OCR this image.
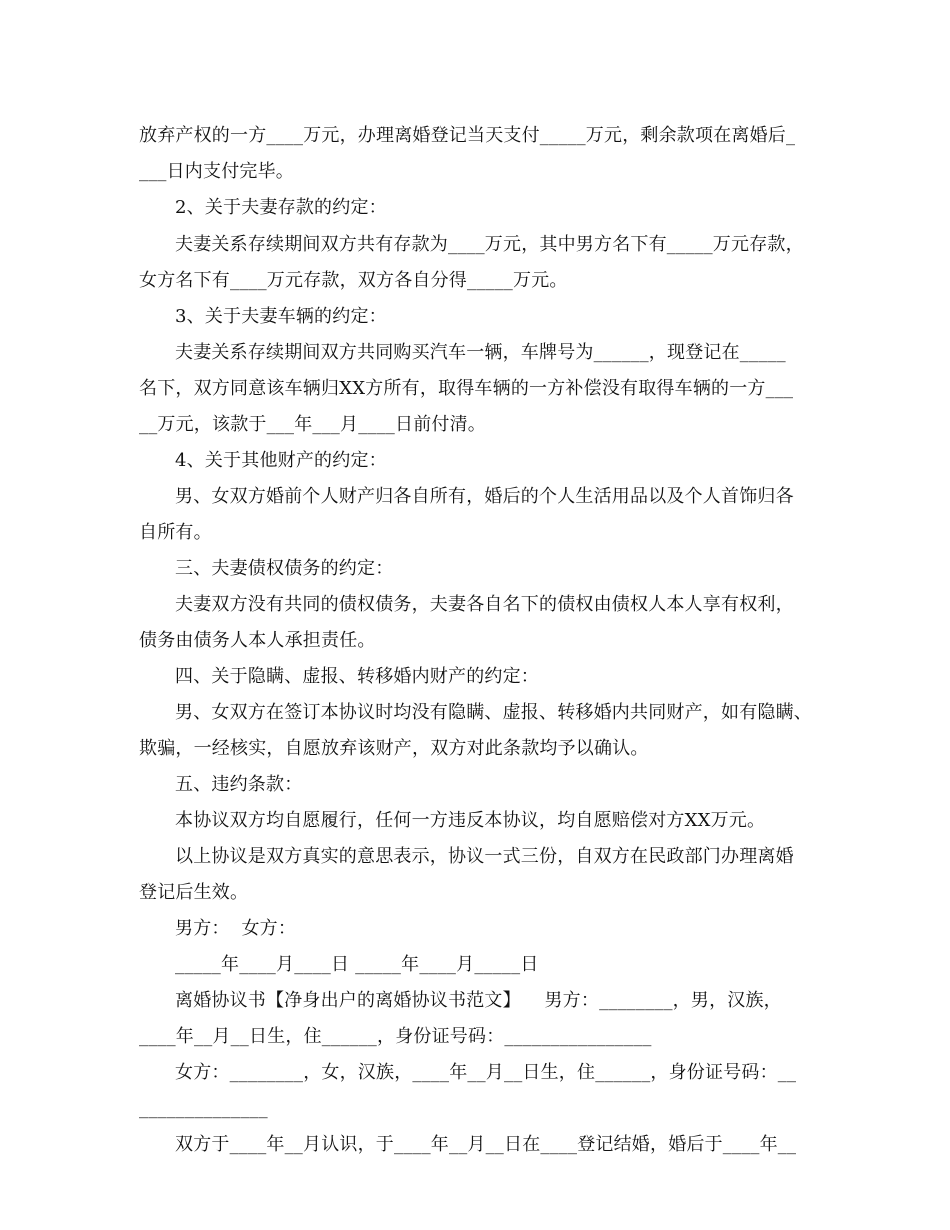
放弃产权的一方____万元，办理离婚登记当天支付_____万元，剩余款项在离婚后_
___日内支付完毕。
2、关于夫妻存款的约定：
夫妻关系存续期间双方共有存款为____万元，其中男方名下有_____万元存款，
女方名下有____万元存款，双方各自分得_____万元。
3、关于夫妻车辆的约定：
夫妻关系存续期间双方共同购买汽车一辆，车牌号为______，现登记在_____
名下，双方同意该车辆归XX方所有，取得车辆的一方补偿没有取得车辆的一方___
__万元，该款于___年___月____日前付清。
4、关于其他财产的约定：
男、女双方婚前个人财产归各自所有，婚后的个人生活用品以及个人首饰归各
自所有。
三、夫妻债权债务的约定：
夫妻双方没有共同的债权债务，夫妻各自名下的债权由债权人本人享有权利，
债务由债务人本人承担责任。
四、关于隐瞒、虚报、转移婚内财产的约定：
男、女双方在签订本协议时均没有隐瞒、虚报、转移婚内共同财产，如有隐瞒、
欺骗，一经核实，自愿放弃该财产，双方对此条款均予以确认。
五、违约条款：
本协议双方均自愿履行，任何一方违反本协议，均自愿赔偿对方XX万元。
以上协议是双方真实的意思表示，协议一式三份，自双方在民政部门办理离婚
登记后生效。
男方：  女方：
_____年____月____日 _____年____月_____日
离婚协议书【净身出户的离婚协议书范文】    男方：________，男，汉族，
____年__月__日生，住______，身份证号码：________________
女方：________，女，汉族，____年__月__日生，住______，身份证号码：__
______________
双方于____年__月认识，于____年__月__日在____登记结婚，婚后于____年__
